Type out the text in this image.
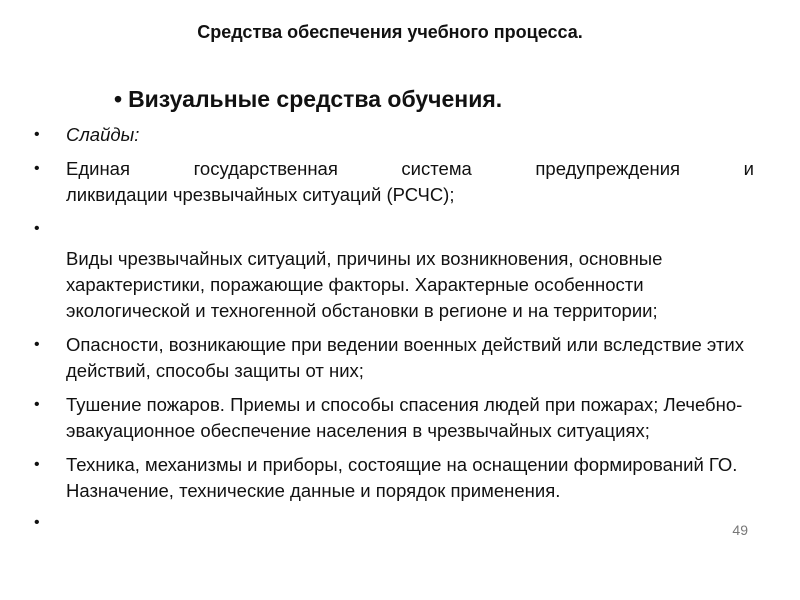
Средства обеспечения учебного процесса.
• Визуальные средства обучения.
• Слайды:
• Единая государственная система предупреждения и
ликвидации чрезвычайных ситуаций (РСЧС);
•

Виды чрезвычайных ситуаций, причины их возникновения, основные характеристики, поражающие факторы. Характерные особенности экологической и техногенной обстановки в регионе и на территории;
• Опасности, возникающие при ведении военных действий или вследствие этих действий, способы защиты от них;
• Тушение пожаров. Приемы и способы спасения людей при пожарах; Лечебно-эвакуационное обеспечение населения в чрезвычайных ситуациях;
• Техника, механизмы и приборы, состоящие на оснащении формирований ГО. Назначение, технические данные и порядок применения.
•
	49
